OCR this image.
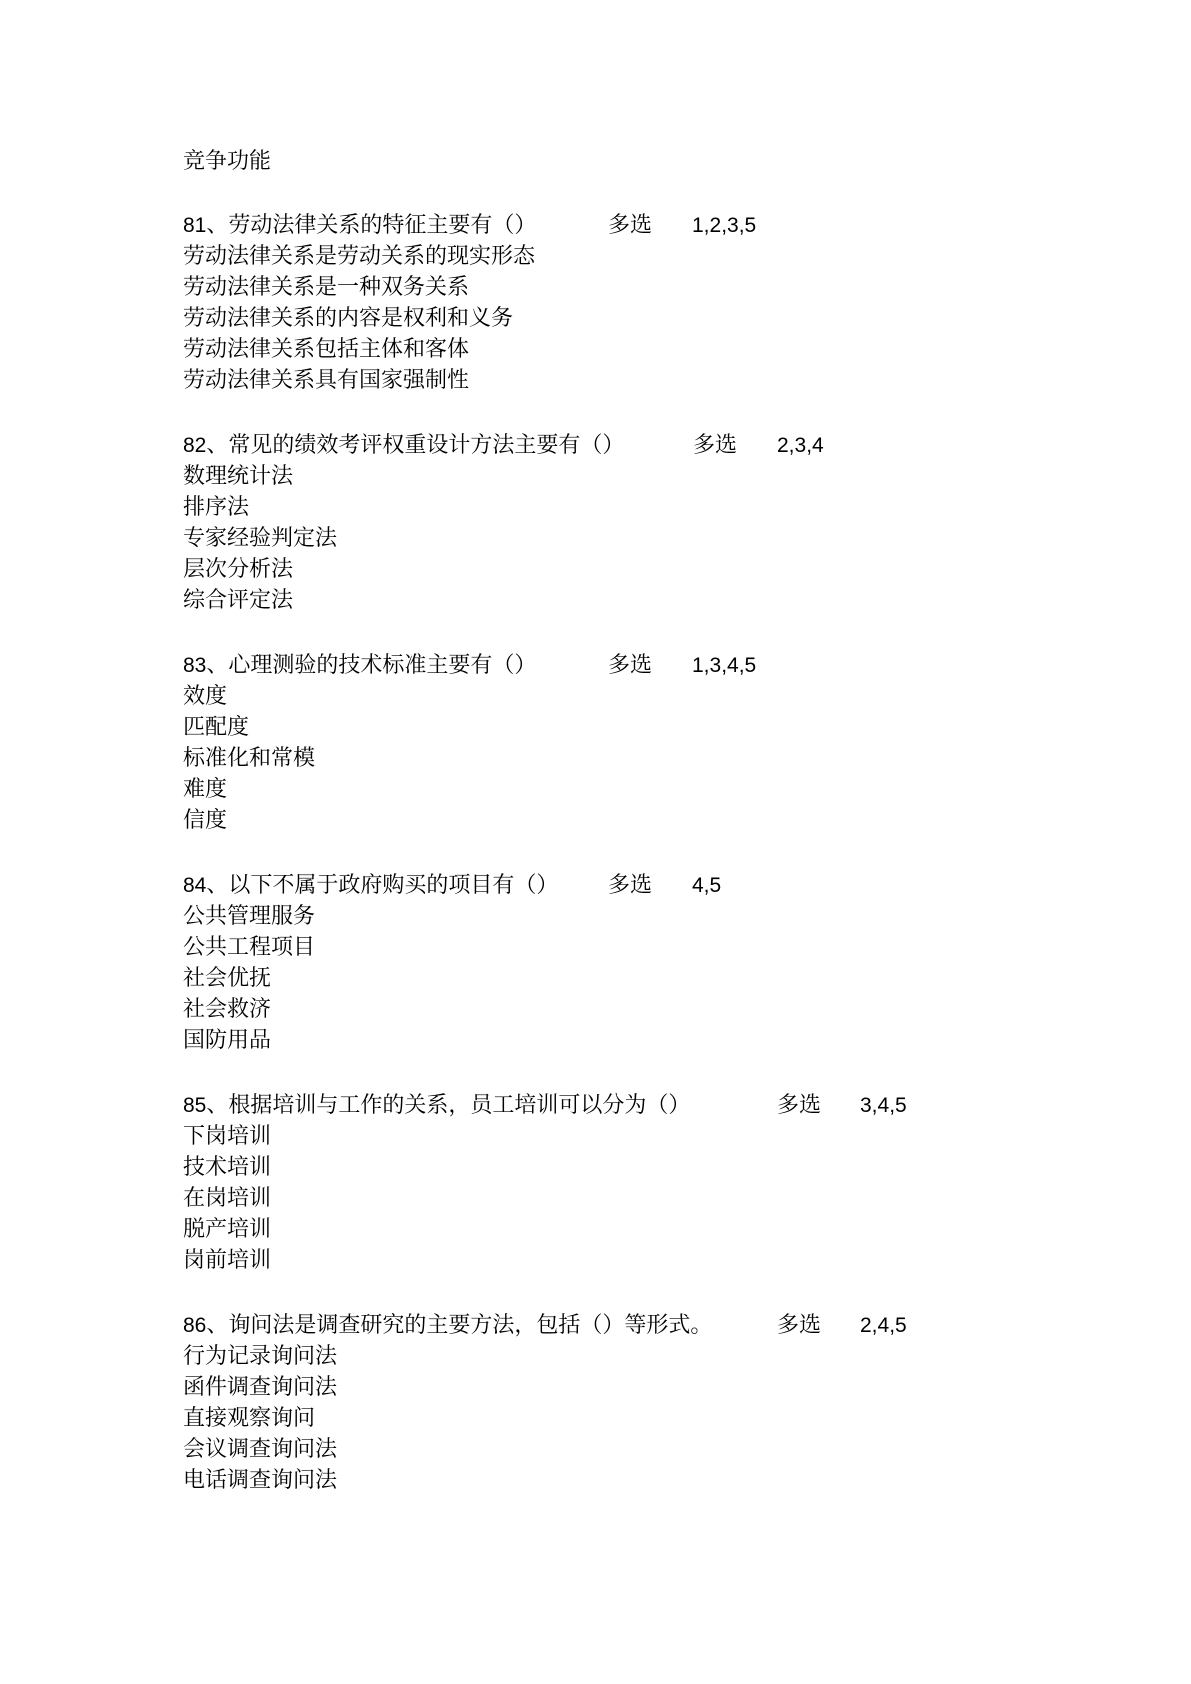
竞争功能
81、劳动法律关系的特征主要有（）	多选 1,2,3,5
劳动法律关系是劳动关系的现实形态
劳动法律关系是一种双务关系
劳动法律关系的内容是权利和义务
劳动法律关系包括主体和客体
劳动法律关系具有国家强制性
82、常见的绩效考评权重设计方法主要有（）	多选 2,3,4
数理统计法
排序法
专家经验判定法
层次分析法
综合评定法
83、心理测验的技术标准主要有（）	多选 1,3,4,5
效度
匹配度
标准化和常模
难度
信度
84、以下不属于政府购买的项目有（） 多选 4,5
公共管理服务
公共工程项目
社会优抚
社会救济
国防用品
85、根据培训与工作的关系，员工培训可以分为（）	多选 3,4,5
下岗培训
技术培训
在岗培训
脱产培训
岗前培训
86、询问法是调查研究的主要方法，包括（）等形式。	多选 2,4,5
行为记录询问法
函件调查询问法
直接观察询问
会议调查询问法
电话调查询问法
